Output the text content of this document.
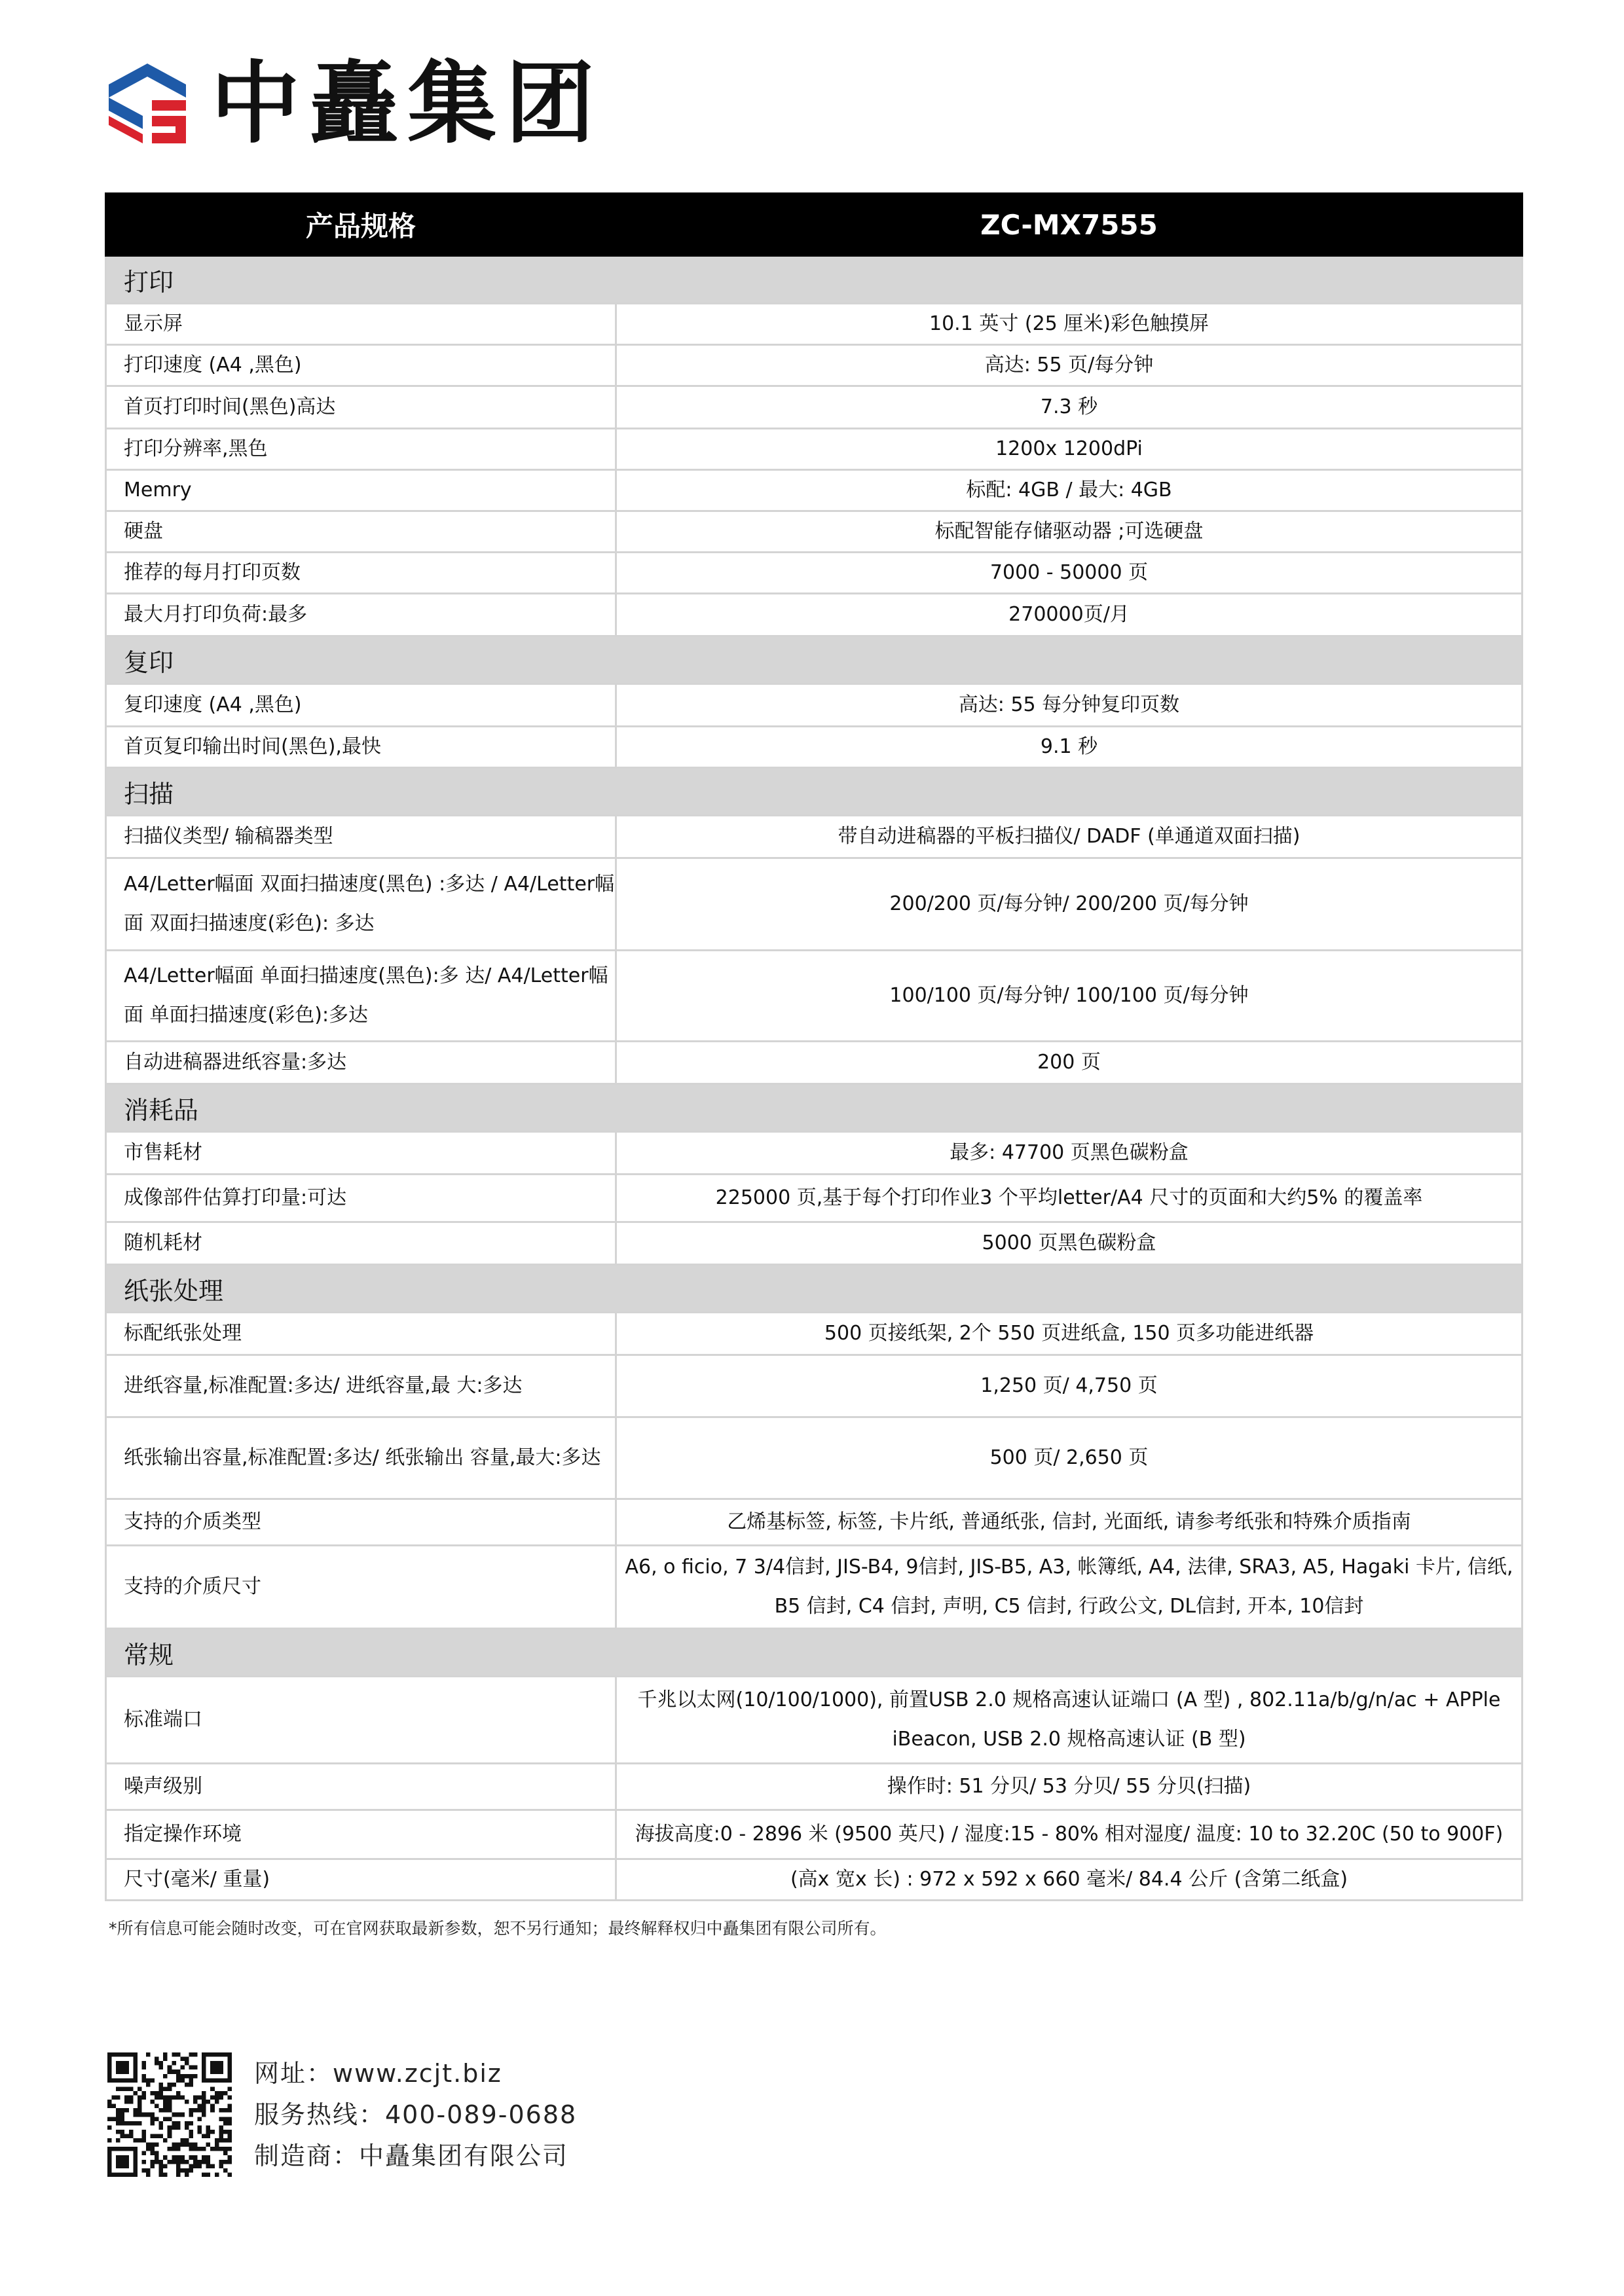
中矗集团
产品规格	ZC-MX7555
打印	
显示屏	10.1 英寸 (25 厘米)彩色触摸屏
打印速度 (A4 ,黑色)	高达: 55 页/每分钟
首页打印时间(黑色)高达	7.3 秒
打印分辨率,黑色	1200x 1200dPi
Memry	标配: 4GB / 最大: 4GB
硬盘	标配智能存储驱动器 ;可选硬盘
推荐的每月打印页数	7000 - 50000 页
最大月打印负荷:最多	270000页/月
复印	
复印速度 (A4 ,黑色)	高达: 55 每分钟复印页数
首页复印输出时间(黑色),最快	9.1 秒
扫描	
扫描仪类型/ 输稿器类型	带自动进稿器的平板扫描仪/ DADF (单通道双面扫描)
A4/Letter幅面 双面扫描速度(黑色) :多达 / A4/Letter幅面 双面扫描速度(彩色): 多达	200/200 页/每分钟/ 200/200 页/每分钟
A4/Letter幅面 单面扫描速度(黑色):多 达/ A4/Letter幅面 单面扫描速度(彩色):多达	100/100 页/每分钟/ 100/100 页/每分钟
自动进稿器进纸容量:多达	200 页
消耗品	
市售耗材	最多: 47700 页黑色碳粉盒
成像部件估算打印量:可达	225000 页,基于每个打印作业3 个平均letter/A4 尺寸的页面和大约5% 的覆盖率
随机耗材	5000 页黑色碳粉盒
纸张处理	
标配纸张处理	500 页接纸架, 2个 550 页进纸盒, 150 页多功能进纸器
进纸容量,标准配置:多达/ 进纸容量,最 大:多达	1,250 页/ 4,750 页
纸张输出容量,标准配置:多达/ 纸张输出 容量,最大:多达	500 页/ 2,650 页
支持的介质类型	乙烯基标签, 标签, 卡片纸, 普通纸张, 信封, 光面纸, 请参考纸张和特殊介质指南
支持的介质尺寸	A6, o ficio, 7 3/4信封, JIS-B4, 9信封, JIS-B5, A3, 帐簿纸, A4, 法律, SRA3, A5, Hagaki 卡片, 信纸, B5 信封, C4 信封, 声明, C5 信封, 行政公文, DL信封, 开本, 10信封
常规	
标准端口	千兆以太网(10/100/1000), 前置USB 2.0 规格高速认证端口 (A 型) , 802.11a/b/g/n/ac + APPle iBeacon, USB 2.0 规格高速认证 (B 型)
噪声级别	操作时: 51 分贝/ 53 分贝/ 55 分贝(扫描)
指定操作环境	海拔高度:0 - 2896 米 (9500 英尺) / 湿度:15 - 80% 相对湿度/ 温度: 10 to 32.20C (50 to 900F)
尺寸(毫米/ 重量)	(高x 宽x 长) : 972 x 592 x 660 毫米/ 84.4 公斤 (含第二纸盒)
*所有信息可能会随时改变，可在官网获取最新参数，恕不另行通知；最终解释权归中矗集团有限公司所有。
网址：www.zcjt.biz
服务热线：400-089-0688
制造商：中矗集团有限公司
